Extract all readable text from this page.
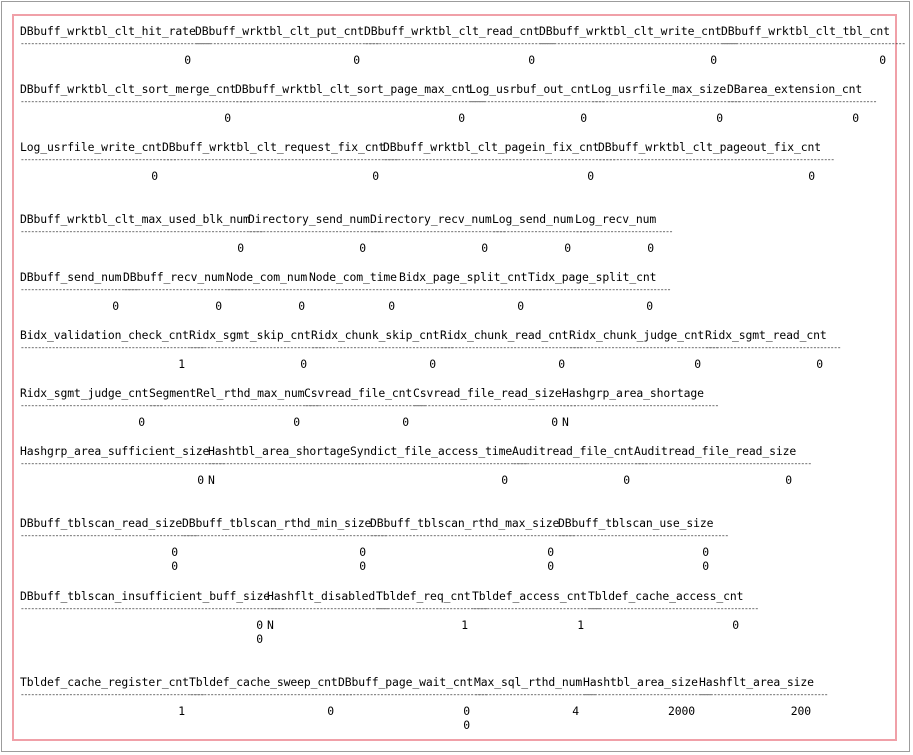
DBbuff_wrktbl_clt_hit_rate
-------------------------------------------------------
0
DBbuff_wrktbl_clt_put_cnt
-----------------------------------------------------
0
DBbuff_wrktbl_clt_read_cnt
-------------------------------------------------------
0
DBbuff_wrktbl_clt_write_cnt
---------------------------------------------------------
0
DBbuff_wrktbl_clt_tbl_cnt
-----------------------------------------------------
0
DBbuff_wrktbl_clt_sort_merge_cnt
-------------------------------------------------------------------
0
DBbuff_wrktbl_clt_sort_page_max_cnt
------------------------------------------------------------------------
0
Log_usrbuf_out_cnt
---------------------------------------
0
Log_usrfile_max_size
-------------------------------------------
0
DBarea_extension_cnt
-------------------------------------------
0
Log_usrfile_write_cnt
---------------------------------------------
0
DBbuff_wrktbl_clt_request_fix_cnt
--------------------------------------------------------------------
0
DBbuff_wrktbl_clt_pagein_fix_cnt
-------------------------------------------------------------------
0
DBbuff_wrktbl_clt_pageout_fix_cnt
--------------------------------------------------------------------
0
DBbuff_wrktbl_clt_max_used_blk_num
----------------------------------------------------------------------
0
Directory_send_num
---------------------------------------
0
Directory_recv_num
---------------------------------------
0
Log_send_num
----------------------------
0
Log_recv_num
----------------------------
0
DBbuff_send_num
----------------------------------
0
DBbuff_recv_num
----------------------------------
0
Node_com_num
----------------------------
0
Node_com_time
------------------------------
0
Bidx_page_split_cnt
-----------------------------------------
0
Tidx_page_split_cnt
-----------------------------------------
0
Bidx_validation_check_cnt
-----------------------------------------------------
1
Ridx_sgmt_skip_cnt
---------------------------------------
0
Ridx_chunk_skip_cnt
-----------------------------------------
0
Ridx_chunk_read_cnt
-----------------------------------------
0
Ridx_chunk_judge_cnt
-------------------------------------------
0
Ridx_sgmt_read_cnt
---------------------------------------
0
Ridx_sgmt_judge_cnt
-----------------------------------------
0
SegmentRel_rthd_max_num
-------------------------------------------------
0
Csvread_file_cnt
-----------------------------------
0
Csvread_file_read_size
-----------------------------------------------
0
Hashgrp_area_shortage
---------------------------------------------
N
Hashgrp_area_sufficient_size
-----------------------------------------------------------
0
Hashtbl_area_shortage
---------------------------------------------
N
Syndict_file_access_time
---------------------------------------------------
0
Auditread_file_cnt
---------------------------------------
0
Auditread_file_read_size
---------------------------------------------------
0
DBbuff_tblscan_read_size
---------------------------------------------------
0
0
DBbuff_tblscan_rthd_min_size
-----------------------------------------------------------
0
0
DBbuff_tblscan_rthd_max_size
-----------------------------------------------------------
0
0
DBbuff_tblscan_use_size
-------------------------------------------------
0
0
DBbuff_tblscan_insufficient_buff_size
----------------------------------------------------------------------------
0
0
Hashflt_disabled
-----------------------------------
N
Tbldef_req_cnt
--------------------------------
1
Tbldef_access_cnt
-------------------------------------
1
Tbldef_cache_access_cnt
-------------------------------------------------
0
Tbldef_cache_register_cnt
-----------------------------------------------------
1
Tbldef_cache_sweep_cnt
-----------------------------------------------
0
DBbuff_page_wait_cnt
-------------------------------------------
0
0
Max_sql_rthd_num
-----------------------------------
4
Hashtbl_area_size
-------------------------------------
2000
Hashflt_area_size
-------------------------------------
200
